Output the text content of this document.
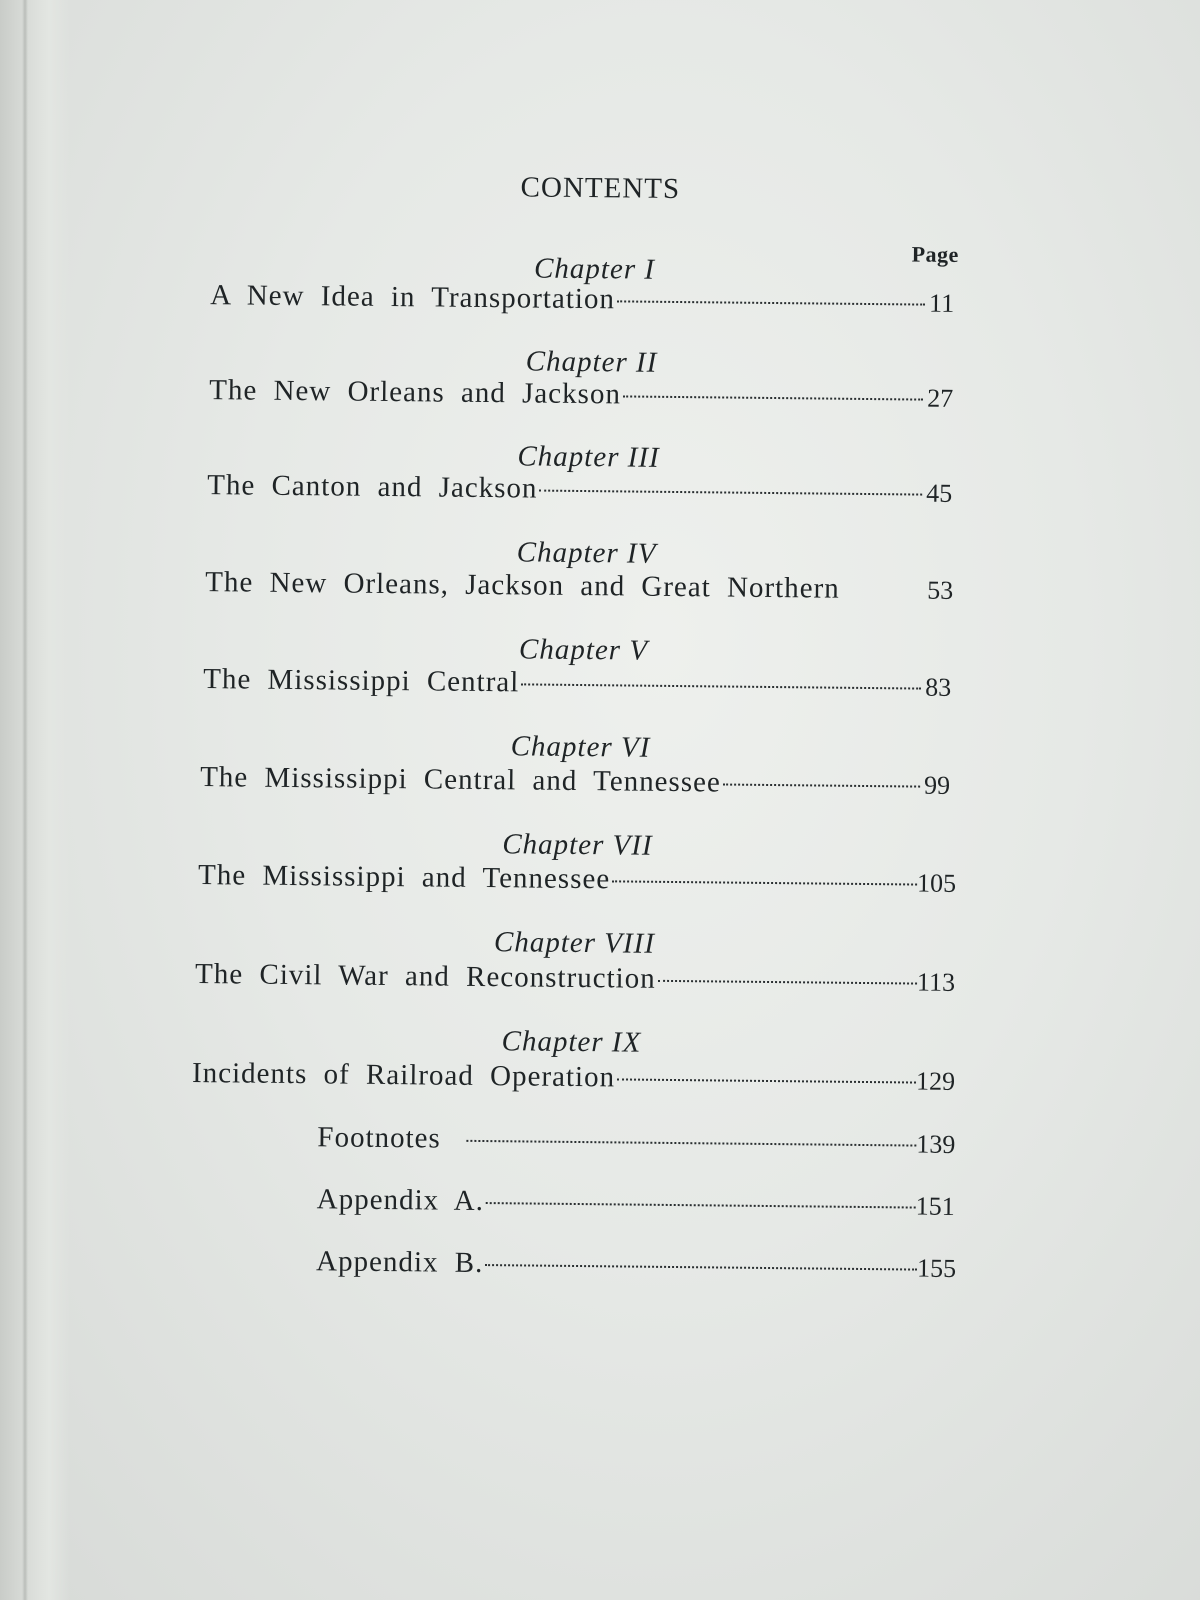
CONTENTS
Page
Chapter I
A New Idea in Transportation	11
Chapter II
The New Orleans and Jackson	27
Chapter III
The Canton and Jackson	45
Chapter IV
The New Orleans, Jackson and Great Northern	53
Chapter V
The Mississippi Central	83
Chapter VI
The Mississippi Central and Tennessee	99
Chapter VII
The Mississippi and Tennessee	105
Chapter VIII
The Civil War and Reconstruction	113
Chapter IX
Incidents of Railroad Operation	129
Footnotes	139
Appendix A.	151
Appendix B.	155
